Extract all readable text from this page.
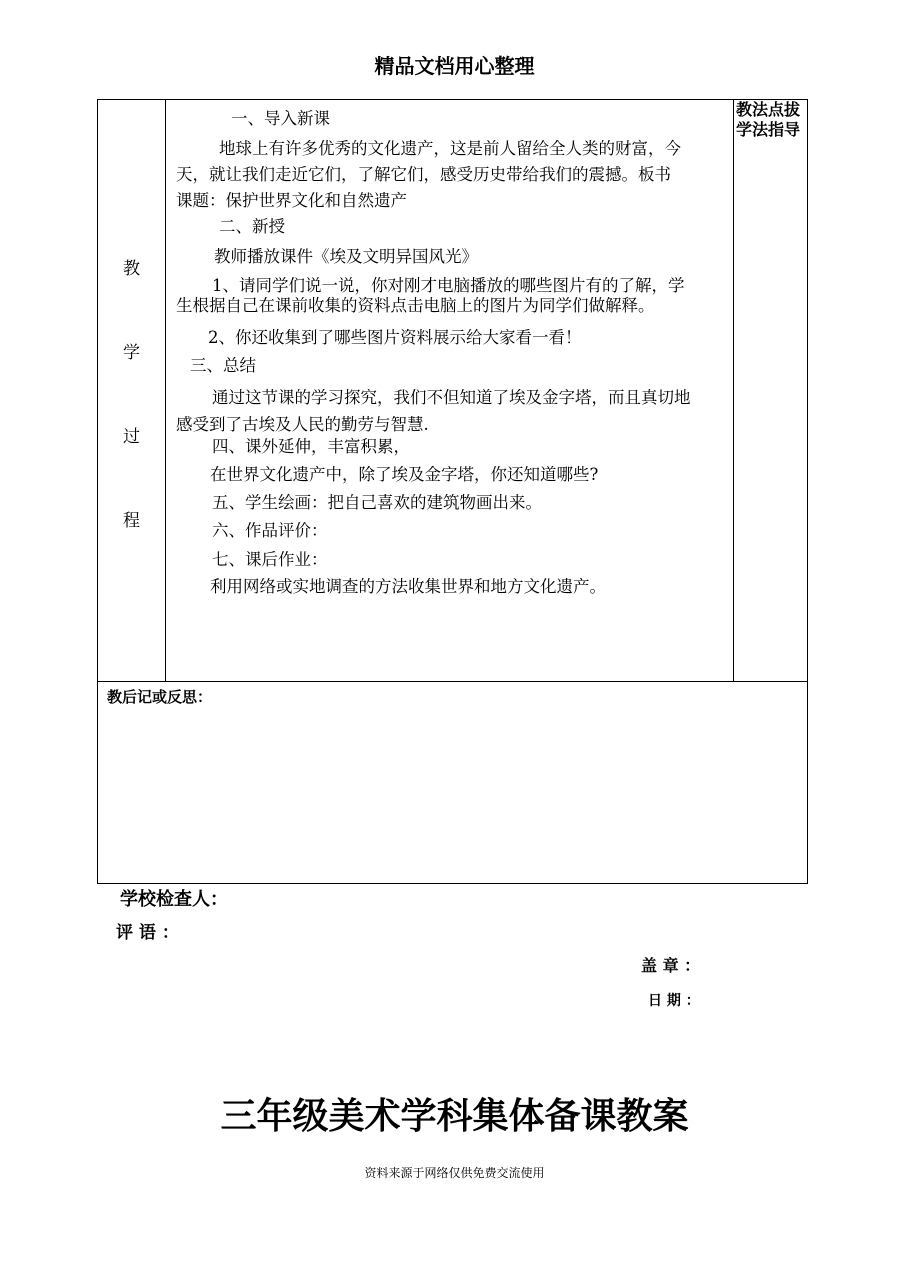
精品文档用心整理
教
学
过
程
教法点拔
学法指导
一、导入新课
地球上有许多优秀的文化遗产，这是前人留给全人类的财富，今
天，就让我们走近它们，了解它们，感受历史带给我们的震撼。板书
课题：保护世界文化和自然遗产
二、新授
教师播放课件《埃及文明异国风光》
1、请同学们说一说，你对刚才电脑播放的哪些图片有的了解，学
生根据自己在课前收集的资料点击电脑上的图片为同学们做解释。
2、你还收集到了哪些图片资料展示给大家看一看！
三、总结
通过这节课的学习探究，我们不但知道了埃及金字塔，而且真切地
感受到了古埃及人民的勤劳与智慧.
四、课外延伸，丰富积累，
在世界文化遗产中，除了埃及金字塔，你还知道哪些?
五、学生绘画：把自己喜欢的建筑物画出来。
六、作品评价：
七、课后作业：
利用网络或实地调查的方法收集世界和地方文化遗产。
教后记或反思：
学校检查人：
评 语 ：
盖 章 ：
日 期 ：
三年级美术学科集体备课教案
资料来源于网络仅供免费交流使用
